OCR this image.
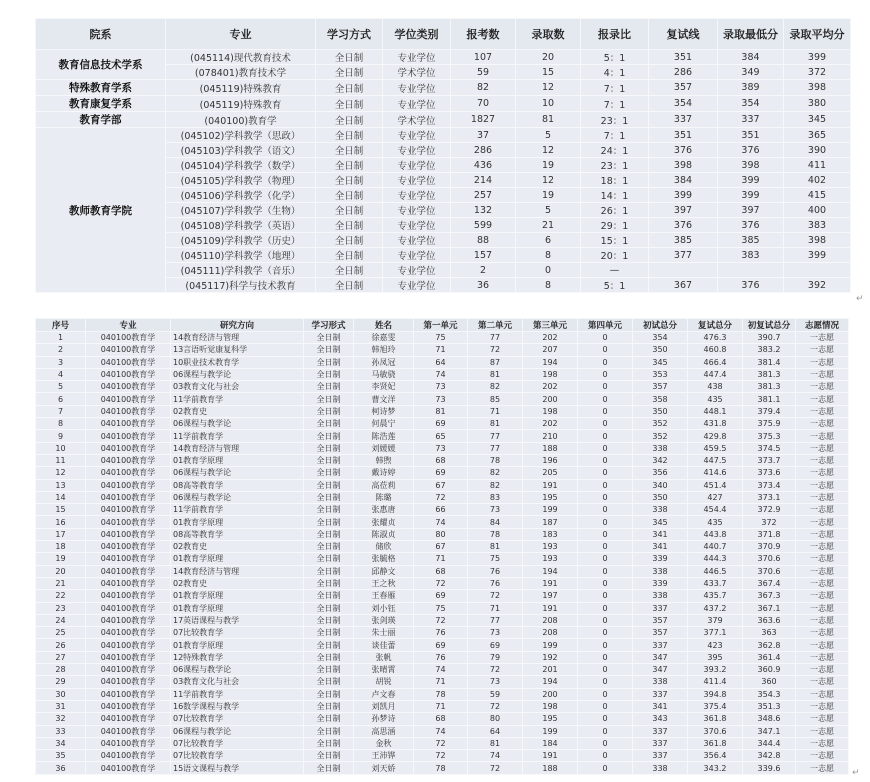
院系	专业	学习方式	学位类别	报考数	录取数	报录比	复试线	录取最低分	录取平均分
教育信息技术学系	(045114)现代教育技术	全日制	专业学位	107	20	5：1	351	384	399
	(078401)教育技术学	全日制	学术学位	59	15	4：1	286	349	372
特殊教育学系	(045119)特殊教育	全日制	专业学位	82	12	7：1	357	389	398
教育康复学系	(045119)特殊教育	全日制	专业学位	70	10	7：1	354	354	380
教育学部	(040100)教育学	全日制	学术学位	1827	81	23：1	337	337	345
教师教育学院	(045102)学科教学（思政）	全日制	专业学位	37	5	7：1	351	351	365
	(045103)学科教学（语文）	全日制	专业学位	286	12	24：1	376	376	390
	(045104)学科教学（数学）	全日制	专业学位	436	19	23：1	398	398	411
	(045105)学科教学（物理）	全日制	专业学位	214	12	18：1	384	399	402
	(045106)学科教学（化学）	全日制	专业学位	257	19	14：1	399	399	415
	(045107)学科教学（生物）	全日制	专业学位	132	5	26：1	397	397	400
	(045108)学科教学（英语）	全日制	专业学位	599	21	29：1	376	376	383
	(045109)学科教学（历史）	全日制	专业学位	88	6	15：1	385	385	398
	(045110)学科教学（地理）	全日制	专业学位	157	8	20：1	377	383	399
	(045111)学科教学（音乐）	全日制	专业学位	2	0	—			
	(045117)科学与技术教育	全日制	专业学位	36	8	5：1	367	376	392
↵
序号	专业	研究方向	学习形式	姓名	第一单元	第二单元	第三单元	第四单元	初试总分	复试总分	初复试总分	志愿情况
1	040100教育学	14教育经济与管理	全日制	徐嘉雯	75	77	202	0	354	476.3	390.7	一志愿
2	040100教育学	13言语听觉康复科学	全日制	韩旭玲	71	72	207	0	350	460.8	383.2	一志愿
3	040100教育学	10职业技术教育学	全日制	孙凤冠	64	87	194	0	345	466.4	381.4	一志愿
4	040100教育学	06课程与教学论	全日制	马敏骁	74	81	198	0	353	447.4	381.3	一志愿
5	040100教育学	03教育文化与社会	全日制	李贤妃	73	82	202	0	357	438	381.3	一志愿
6	040100教育学	11学前教育学	全日制	曹文洋	73	85	200	0	358	435	381.1	一志愿
7	040100教育学	02教育史	全日制	柯诗梦	81	71	198	0	350	448.1	379.4	一志愿
8	040100教育学	06课程与教学论	全日制	何晨宁	69	81	202	0	352	431.8	375.9	一志愿
9	040100教育学	11学前教育学	全日制	陈浩莲	65	77	210	0	352	429.8	375.3	一志愿
10	040100教育学	14教育经济与管理	全日制	刘媛媛	73	77	188	0	338	459.5	374.5	一志愿
11	040100教育学	01教育学原理	全日制	韩煦	68	78	196	0	342	447.5	373.7	一志愿
12	040100教育学	06课程与教学论	全日制	戴诗婷	69	82	205	0	356	414.6	373.6	一志愿
13	040100教育学	08高等教育学	全日制	高莅莉	67	82	191	0	340	451.4	373.4	一志愿
14	040100教育学	06课程与教学论	全日制	陈璐	72	83	195	0	350	427	373.1	一志愿
15	040100教育学	11学前教育学	全日制	张惠唐	66	73	199	0	338	454.4	372.9	一志愿
16	040100教育学	01教育学原理	全日制	张耀贞	74	84	187	0	345	435	372	一志愿
17	040100教育学	08高等教育学	全日制	陈淑贞	80	78	183	0	341	443.8	371.8	一志愿
18	040100教育学	02教育史	全日制	储欣	67	81	193	0	341	440.7	370.9	一志愿
19	040100教育学	01教育学原理	全日制	张毓格	71	75	193	0	339	444.3	370.6	一志愿
20	040100教育学	14教育经济与管理	全日制	邱静文	68	76	194	0	338	446.5	370.6	一志愿
21	040100教育学	02教育史	全日制	王之秋	72	76	191	0	339	433.7	367.4	一志愿
22	040100教育学	01教育学原理	全日制	王春雁	69	72	197	0	338	435.7	367.3	一志愿
23	040100教育学	01教育学原理	全日制	刘小钰	75	71	191	0	337	437.2	367.1	一志愿
24	040100教育学	17英语课程与教学	全日制	张剑瑛	72	77	208	0	357	379	363.6	一志愿
25	040100教育学	07比较教育学	全日制	朱士丽	76	73	208	0	357	377.1	363	一志愿
26	040100教育学	01教育学原理	全日制	谈佳蕾	69	69	199	0	337	423	362.8	一志愿
27	040100教育学	12特殊教育学	全日制	张帆	76	79	192	0	347	395	361.4	一志愿
28	040100教育学	06课程与教学论	全日制	张晴霄	74	72	201	0	347	393.2	360.9	一志愿
29	040100教育学	03教育文化与社会	全日制	胡锐	71	73	194	0	338	411.4	360	一志愿
30	040100教育学	11学前教育学	全日制	卢文春	78	59	200	0	337	394.8	354.3	一志愿
31	040100教育学	16数学课程与教学	全日制	刘凯月	71	72	198	0	341	375.4	351.3	一志愿
32	040100教育学	07比较教育学	全日制	孙梦诗	68	80	195	0	343	361.8	348.6	一志愿
33	040100教育学	06课程与教学论	全日制	高思涵	74	64	199	0	337	370.6	347.1	一志愿
34	040100教育学	07比较教育学	全日制	金秋	72	81	184	0	337	361.8	344.4	一志愿
35	040100教育学	07比较教育学	全日制	王沛铧	72	74	191	0	337	356.4	342.8	一志愿
36	040100教育学	15语文课程与教学	全日制	刘天娇	78	72	188	0	338	343.2	339.6	一志愿 ↵
